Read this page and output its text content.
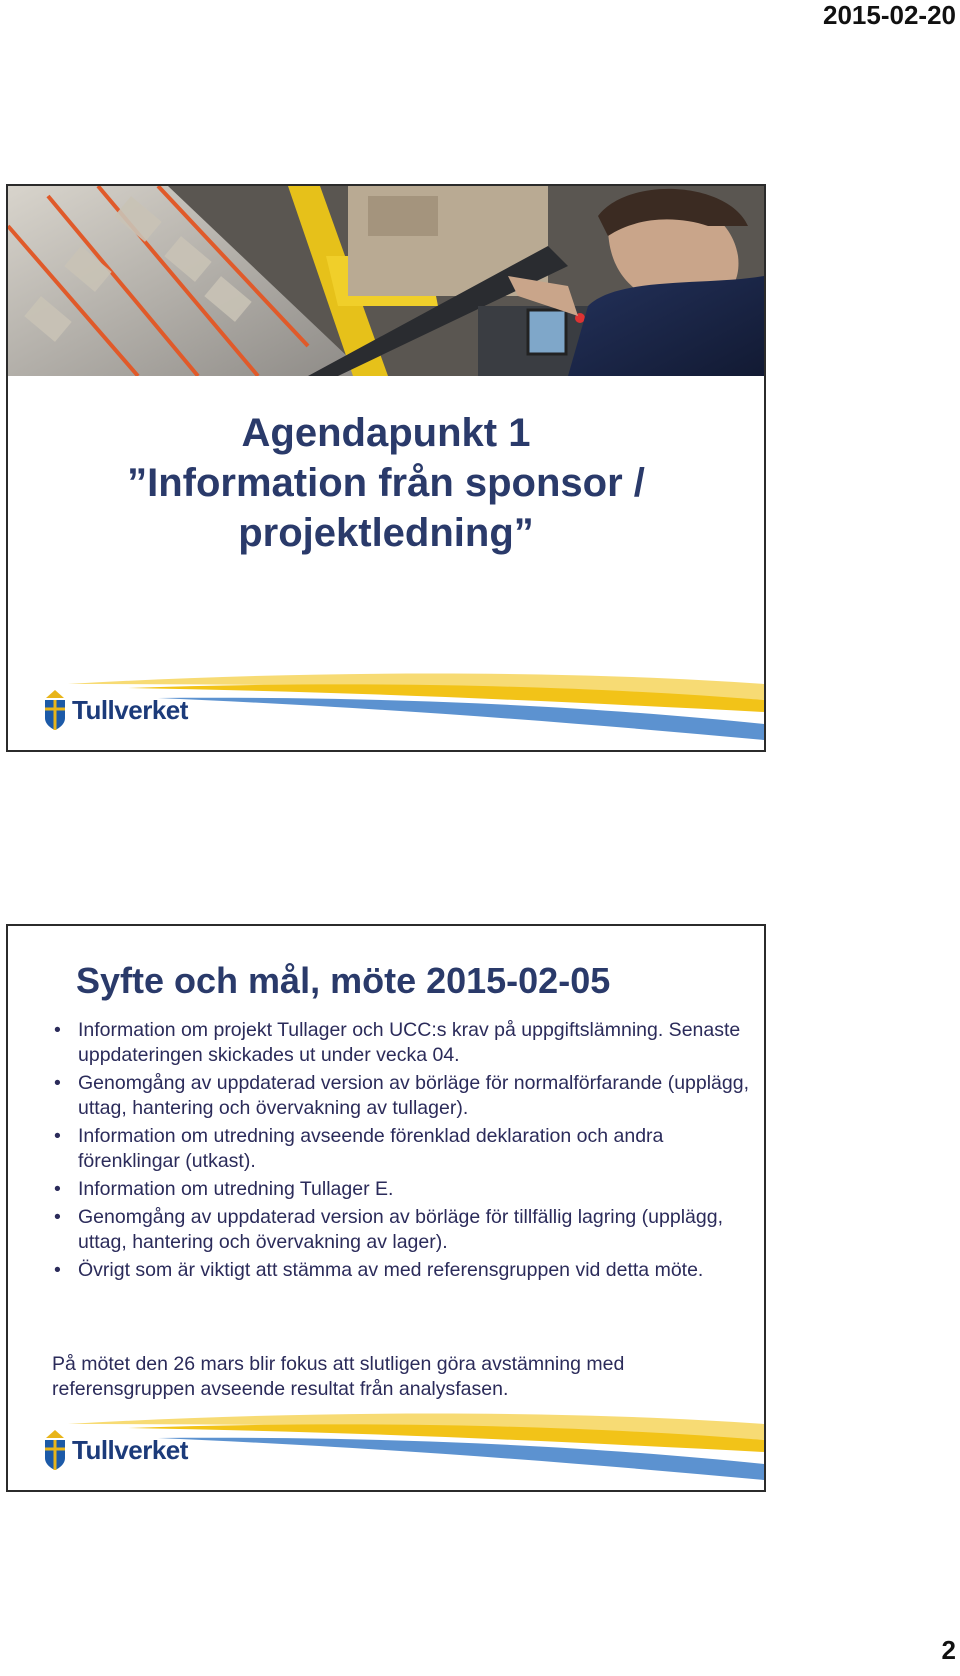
2015-02-20
Agendapunkt 1
”Information från sponsor /
projektledning”
Tullverket
Syfte och mål, möte 2015-02-05
• Information om projekt Tullager och UCC:s krav på uppgiftslämning. Senaste uppdateringen skickades ut under vecka 04.
• Genomgång av uppdaterad version av börläge för normalförfarande (upplägg, uttag, hantering och övervakning av tullager).
• Information om utredning avseende förenklad deklaration och andra förenklingar (utkast).
• Information om utredning Tullager E.
• Genomgång av uppdaterad version av börläge för tillfällig lagring (upplägg, uttag, hantering och övervakning av lager).
• Övrigt som är viktigt att stämma av med referensgruppen vid detta möte.
På mötet den 26 mars blir fokus att slutligen göra avstämning med referensgruppen avseende resultat från analysfasen.
Tullverket
2
